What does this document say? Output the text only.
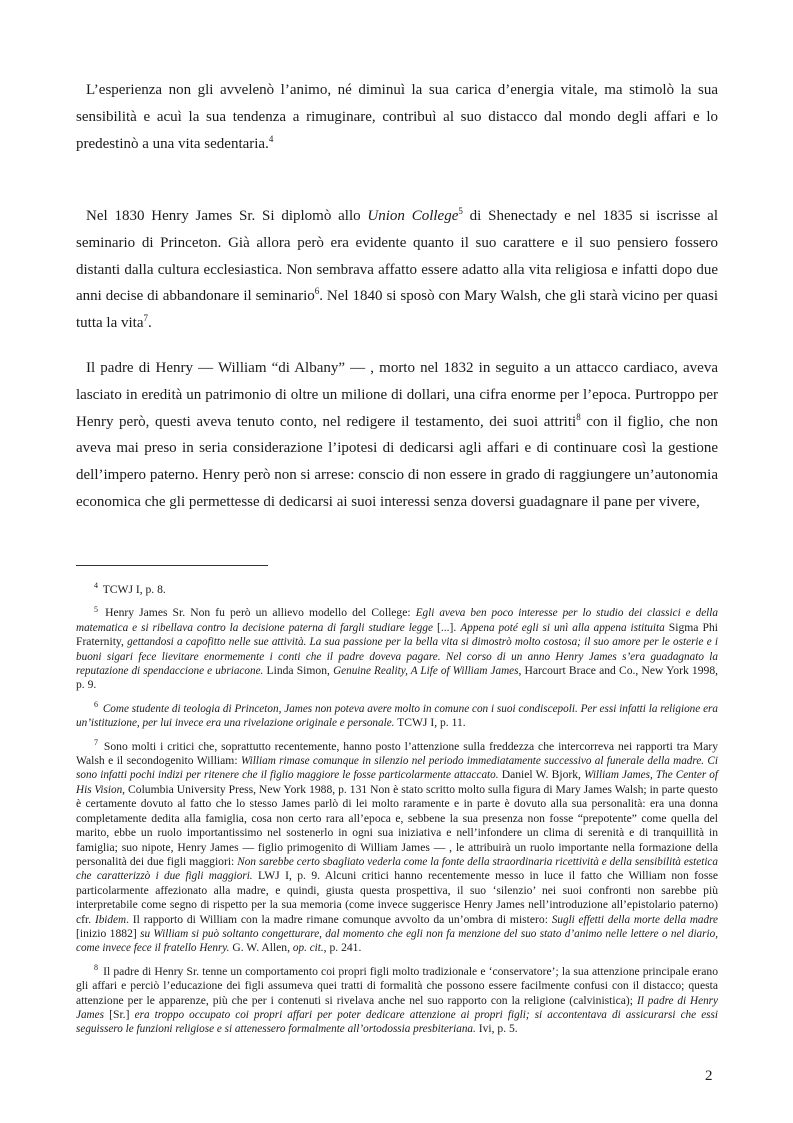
L’esperienza non gli avvelenò l’animo, né diminuì la sua carica d’energia vitale, ma stimolò la sua sensibilità e acuì la sua tendenza a rimuginare, contribuì al suo distacco dal mondo degli affari e lo predestinò a una vita sedentaria.$^4$

Nel 1830 Henry James Sr. Si diplomò allo Union College$^5$ di Shenectady e nel 1835 si iscrisse al seminario di Princeton. Già allora però era evidente quanto il suo carattere e il suo pensiero fossero distanti dalla cultura ecclesiastica. Non sembrava affatto essere adatto alla vita religiosa e infatti dopo due anni decise di abbandonare il seminario$^6$. Nel 1840 si sposò con Mary Walsh, che gli starà vicino per quasi tutta la vita$^7$.

Il padre di Henry — William “di Albany” — , morto nel 1832 in seguito a un attacco cardiaco, aveva lasciato in eredità un patrimonio di oltre un milione di dollari, una cifra enorme per l’epoca. Purtroppo per Henry però, questi aveva tenuto conto, nel redigere il testamento, dei suoi attriti$^8$ con il figlio, che non aveva mai preso in seria considerazione l’ipotesi di dedicarsi agli affari e di continuare così la gestione dell’impero paterno. Henry però non si arrese: conscio di non essere in grado di raggiungere un’autonomia economica che gli permettesse di dedicarsi ai suoi interessi senza doversi guadagnare il pane per vivere,

$^4$ TCWJ I, p. 8.

$^5$ Henry James Sr. Non fu però un allievo modello del College: Egli aveva ben poco interesse per lo studio dei classici e della matematica e si ribellava contro la decisione paterna di fargli studiare legge [...]. Appena poté egli si unì alla appena istituita Sigma Phi Fraternity, gettandosi a capofitto nelle sue attività. La sua passione per la bella vita si dimostrò molto costosa; il suo amore per le osterie e i buoni sigari fece lievitare enormemente i conti che il padre doveva pagare. Nel corso di un anno Henry James s’era guadagnato la reputazione di spendaccione e ubriacone. Linda Simon, Genuine Reality, A Life of William James, Harcourt Brace and Co., New York 1998, p. 9.

$^6$ Come studente di teologia di Princeton, James non poteva avere molto in comune con i suoi condiscepoli. Per essi infatti la religione era un’istituzione, per lui invece era una rivelazione originale e personale. TCWJ I, p. 11.

$^7$ Sono molti i critici che, soprattutto recentemente, hanno posto l’attenzione sulla freddezza che intercorreva nei rapporti tra Mary Walsh e il secondogenito William: William rimase comunque in silenzio nel periodo immediatamente successivo al funerale della madre. Ci sono infatti pochi indizi per ritenere che il figlio maggiore le fosse particolarmente attaccato. Daniel W. Bjork, William James, The Center of His Vision, Columbia University Press, New York 1988, p. 131 Non è stato scritto molto sulla figura di Mary James Walsh; in parte questo è certamente dovuto al fatto che lo stesso James parlò di lei molto raramente e in parte è dovuto alla sua personalità: era una donna completamente dedita alla famiglia, cosa non certo rara all’epoca e, sebbene la sua presenza non fosse “prepotente” come quella del marito, ebbe un ruolo importantissimo nel sostenerlo in ogni sua iniziativa e nell’infondere un clima di serenità e di tranquillità in famiglia; suo nipote, Henry James — figlio primogenito di William James — , le attribuirà un ruolo importante nella formazione della personalità dei due figli maggiori: Non sarebbe certo sbagliato vederla come la fonte della straordinaria ricettività e della sensibilità estetica che caratterizzò i due figli maggiori. LWJ I, p. 9. Alcuni critici hanno recentemente messo in luce il fatto che William non fosse particolarmente affezionato alla madre, e quindi, giusta questa prospettiva, il suo ‘silenzio’ nei suoi confronti non sarebbe più interpretabile come segno di rispetto per la sua memoria (come invece suggerisce Henry James nell’introduzione all’epistolario paterno) cfr. Ibidem. Il rapporto di William con la madre rimane comunque avvolto da un’ombra di mistero: Sugli effetti della morte della madre [inizio 1882] su William si può soltanto congetturare, dal momento che egli non fa menzione del suo stato d’animo nelle lettere o nel diario, come invece fece il fratello Henry. G. W. Allen, op. cit., p. 241.

$^8$ Il padre di Henry Sr. tenne un comportamento coi propri figli molto tradizionale e ‘conservatore’; la sua attenzione principale erano gli affari e perciò l’educazione dei figli assumeva quei tratti di formalità che possono essere facilmente confusi con il distacco; questa attenzione per le apparenze, più che per i contenuti si rivelava anche nel suo rapporto con la religione (calvinistica); Il padre di Henry James [Sr.] era troppo occupato coi propri affari per poter dedicare attenzione ai propri figli; si accontentava di assicurarsi che essi seguissero le funzioni religiose e si attenessero formalmente all’ortodossia presbiteriana. Ivi, p. 5.

2
